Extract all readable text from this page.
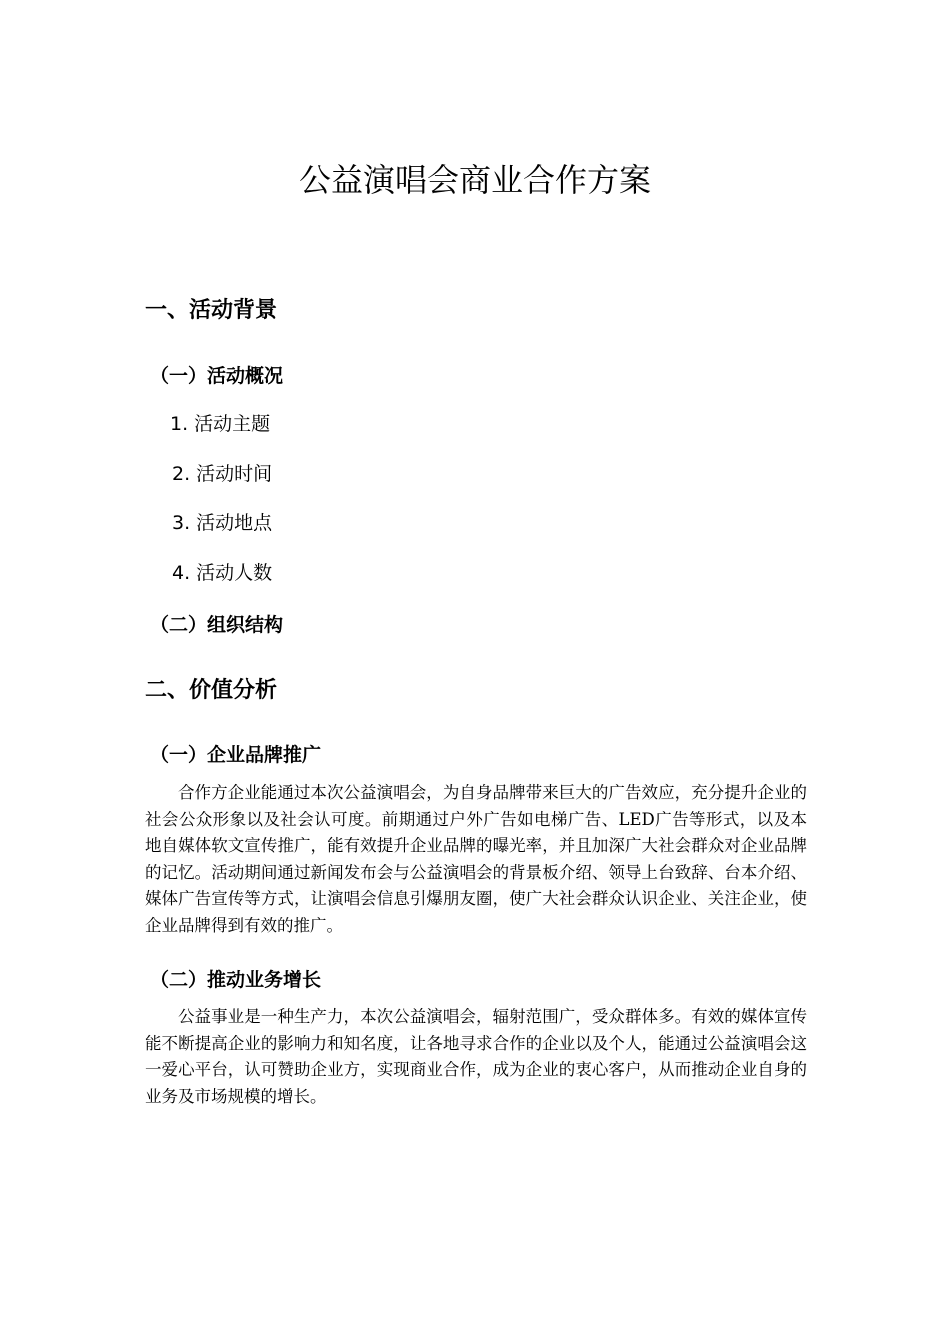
公益演唱会商业合作方案
一、活动背景
（一）活动概况

1. 活动主题

2. 活动时间

3. 活动地点

4. 活动人数

（二）组织结构
二、价值分析
（一）企业品牌推广

合作方企业能通过本次公益演唱会，为自身品牌带来巨大的广告效应，充分提升企业的社会公众形象以及社会认可度。前期通过户外广告如电梯广告、LED广告等形式，以及本地自媒体软文宣传推广，能有效提升企业品牌的曝光率，并且加深广大社会群众对企业品牌的记忆。活动期间通过新闻发布会与公益演唱会的背景板介绍、领导上台致辞、台本介绍、媒体广告宣传等方式，让演唱会信息引爆朋友圈，使广大社会群众认识企业、关注企业，使企业品牌得到有效的推广。

（二）推动业务增长

公益事业是一种生产力，本次公益演唱会，辐射范围广，受众群体多。有效的媒体宣传能不断提高企业的影响力和知名度，让各地寻求合作的企业以及个人，能通过公益演唱会这一爱心平台，认可赞助企业方，实现商业合作，成为企业的衷心客户，从而推动企业自身的业务及市场规模的增长。
